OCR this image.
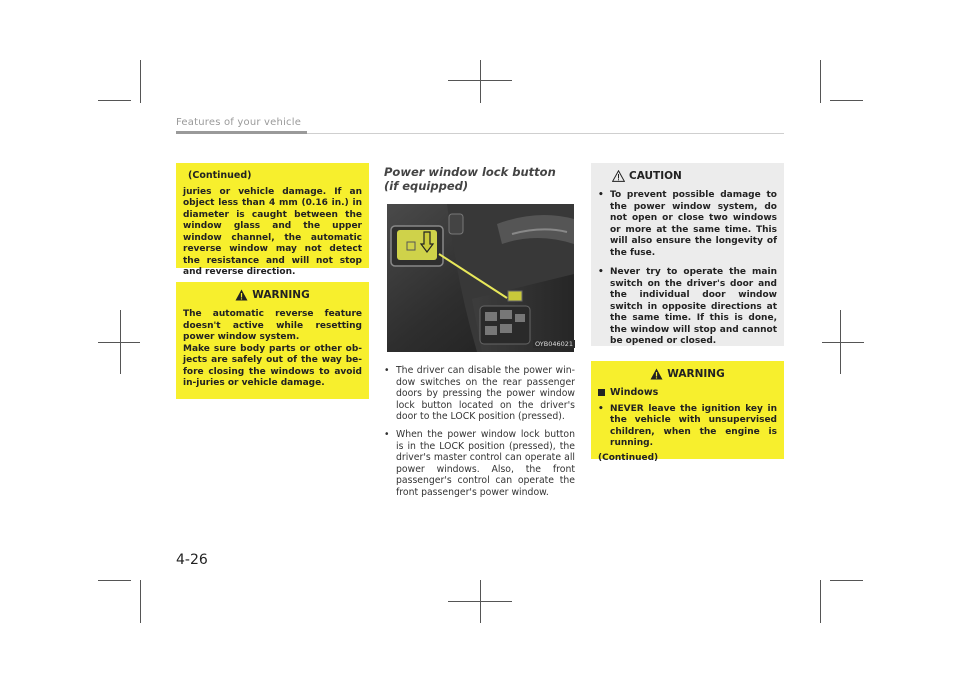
Features of your vehicle
(Continued)
juries or vehicle damage. If an object less than 4 mm (0.16 in.) in diameter is caught between the window glass and the upper window channel, the automatic reverse window may not detect the resistance and will not stop and reverse direction.
WARNING
The automatic reverse feature doesn't active while resetting power window system.
Make sure body parts or other ob-jects are safely out of the way be-fore closing the windows to avoid in-juries or vehicle damage.
Power window lock button (if equipped)
OYB046021
• The driver can disable the power win-dow switches on the rear passenger doors by pressing the power window lock button located on the driver's door to the LOCK position (pressed).
• When the power window lock button is in the LOCK position (pressed), the driver's master control can operate all power windows. Also, the front passenger's control can operate the front passenger's power window.
CAUTION
• To prevent possible damage to the power window system, do not open or close two windows or more at the same time. This will also ensure the longevity of the fuse.
• Never try to operate the main switch on the driver's door and the individual door window switch in opposite directions at the same time. If this is done, the window will stop and cannot be opened or closed.
WARNING
Windows
• NEVER leave the ignition key in the vehicle with unsupervised children, when the engine is running.
(Continued)
4-26
